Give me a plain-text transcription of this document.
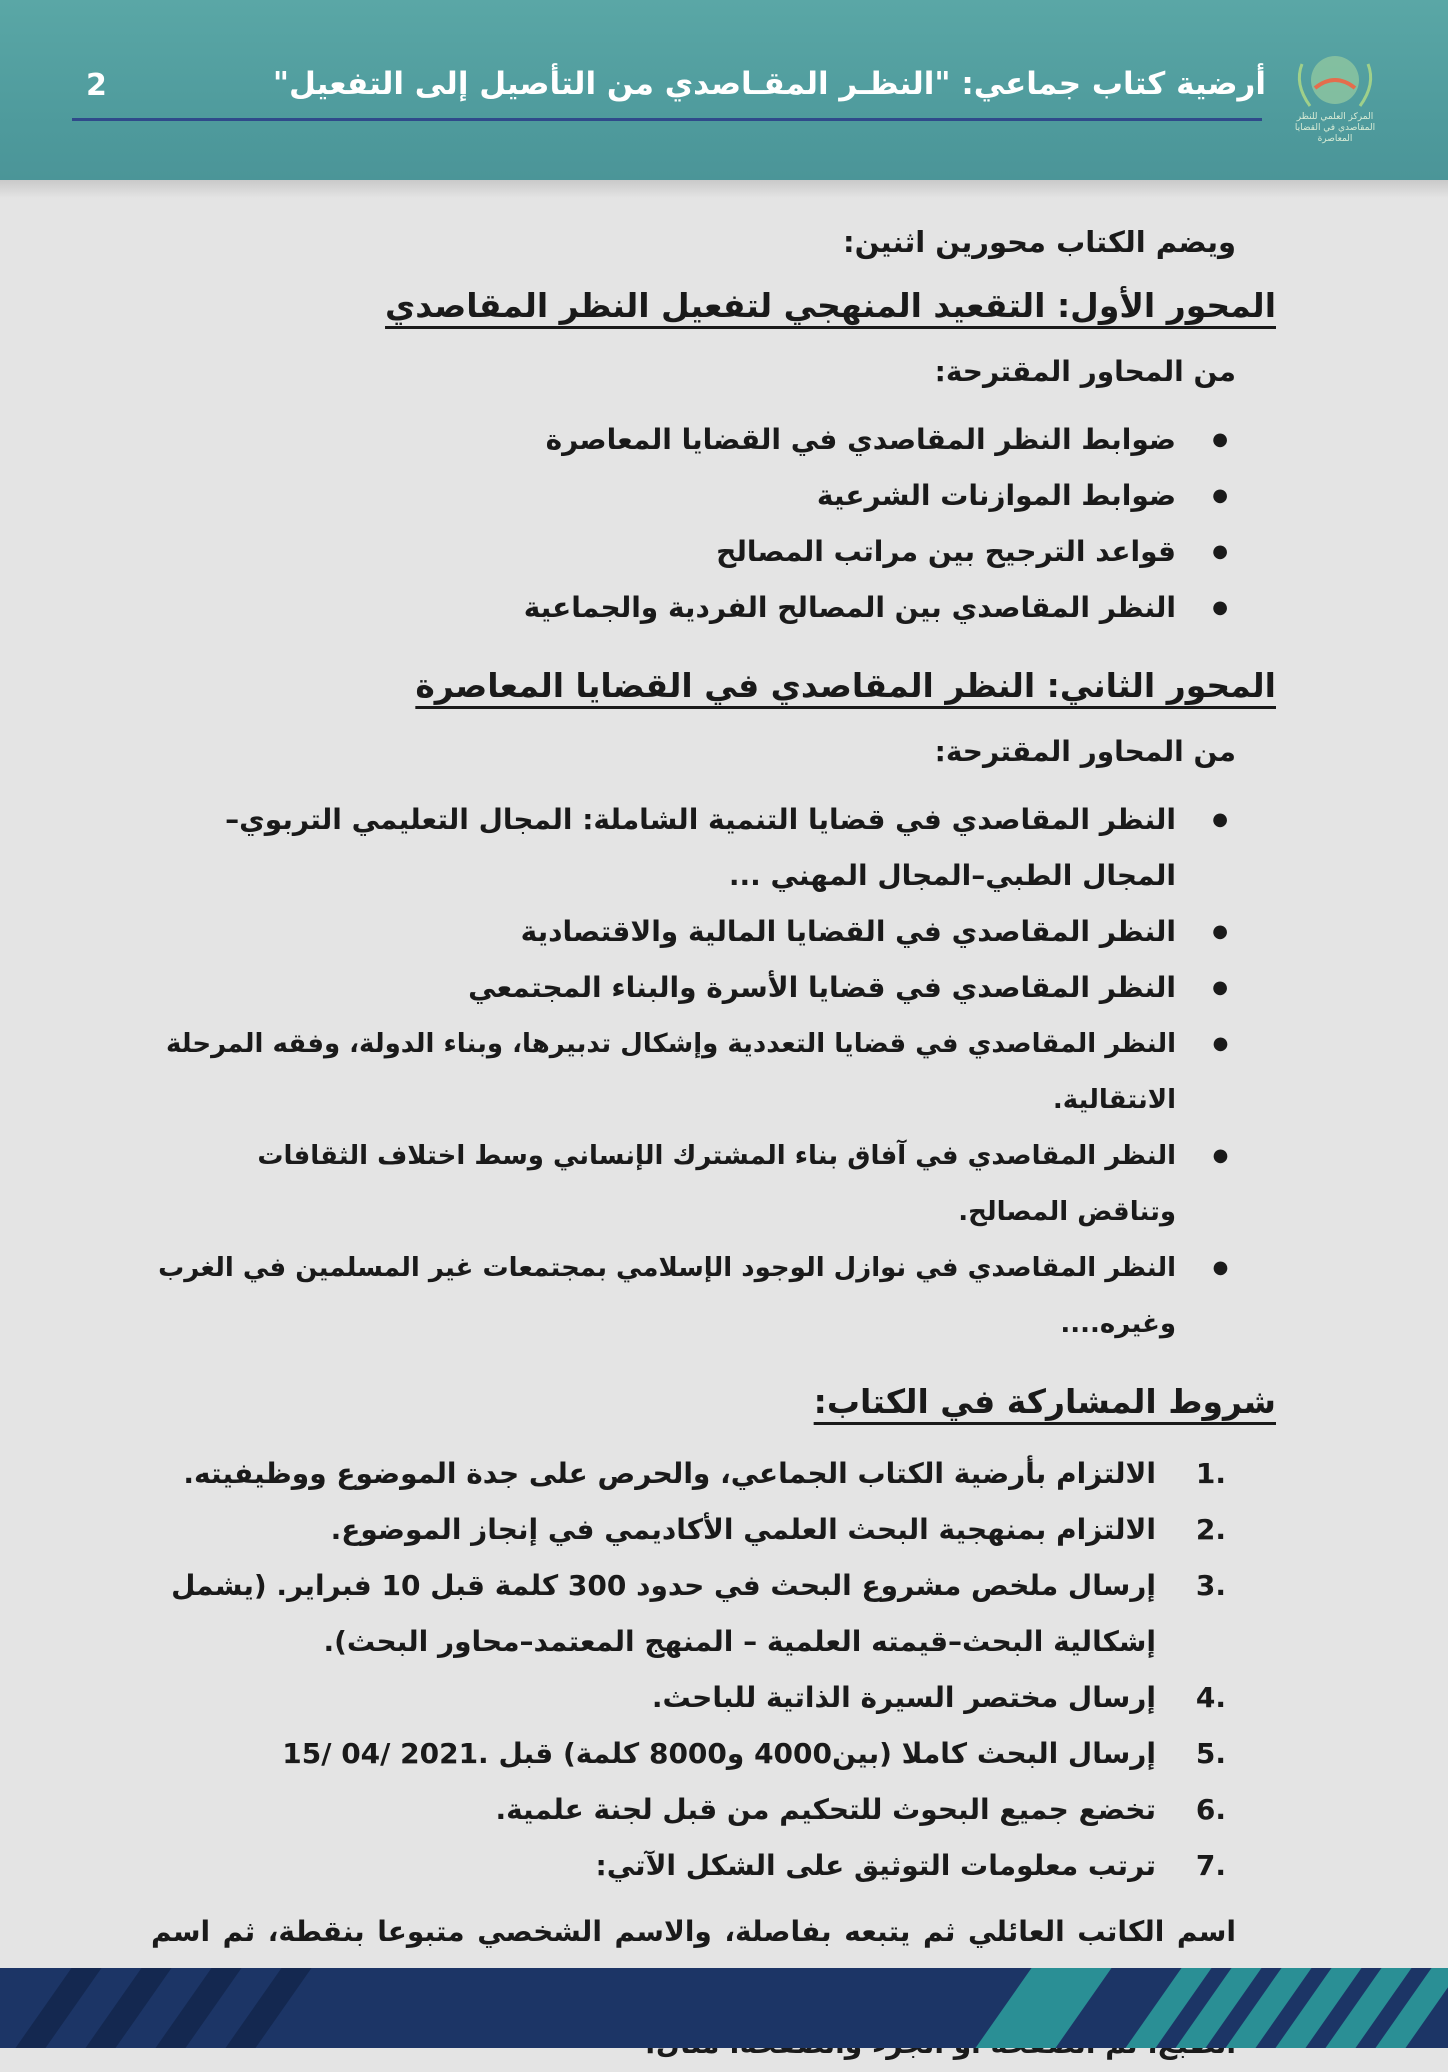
المركز العلمي للنظر المقاصدي في القضايا المعاصرة
أرضية كتاب جماعي: "النظـر المقـاصدي من التأصيل إلى التفعيل"
2
ويضم الكتاب محورين اثنين:
المحور الأول: التقعيد المنهجي لتفعيل النظر المقاصدي
من المحاور المقترحة:
● ضوابط النظر المقاصدي في القضايا المعاصرة
● ضوابط الموازنات الشرعية
● قواعد الترجيح بين مراتب المصالح
● النظر المقاصدي بين المصالح الفردية والجماعية
المحور الثاني: النظر المقاصدي في القضايا المعاصرة
من المحاور المقترحة:
● النظر المقاصدي في قضايا التنمية الشاملة: المجال التعليمي التربوي–المجال الطبي–المجال المهني ...
● النظر المقاصدي في القضايا المالية والاقتصادية
● النظر المقاصدي في قضايا الأسرة والبناء المجتمعي
● النظر المقاصدي في قضايا التعددية وإشكال تدبيرها، وبناء الدولة، وفقه المرحلة الانتقالية.
● النظر المقاصدي في آفاق بناء المشترك الإنساني وسط اختلاف الثقافات وتناقض المصالح.
● النظر المقاصدي في نوازل الوجود الإسلامي بمجتمعات غير المسلمين في الغرب وغيره....
شروط المشاركة في الكتاب:
1.
الالتزام بأرضية الكتاب الجماعي، والحرص على جدة الموضوع ووظيفيته.
2.
الالتزام بمنهجية البحث العلمي الأكاديمي في إنجاز الموضوع.
3.
إرسال ملخص مشروع البحث في حدود 300 كلمة قبل 10 فبراير. (يشمل إشكالية البحث–قيمته العلمية – المنهج المعتمد–محاور البحث).
4.
إرسال مختصر السيرة الذاتية للباحث.
5.
إرسال البحث كاملا (بين4000 و8000 كلمة) قبل 15/ 04/ 2021.
6.
تخضع جميع البحوث للتحكيم من قبل لجنة علمية.
7.
ترتب معلومات التوثيق على الشكل الآتي:
اسم الكاتب العائلي ثم يتبعه بفاصلة، والاسم الشخصي متبوعا بنقطة، ثم اسم
